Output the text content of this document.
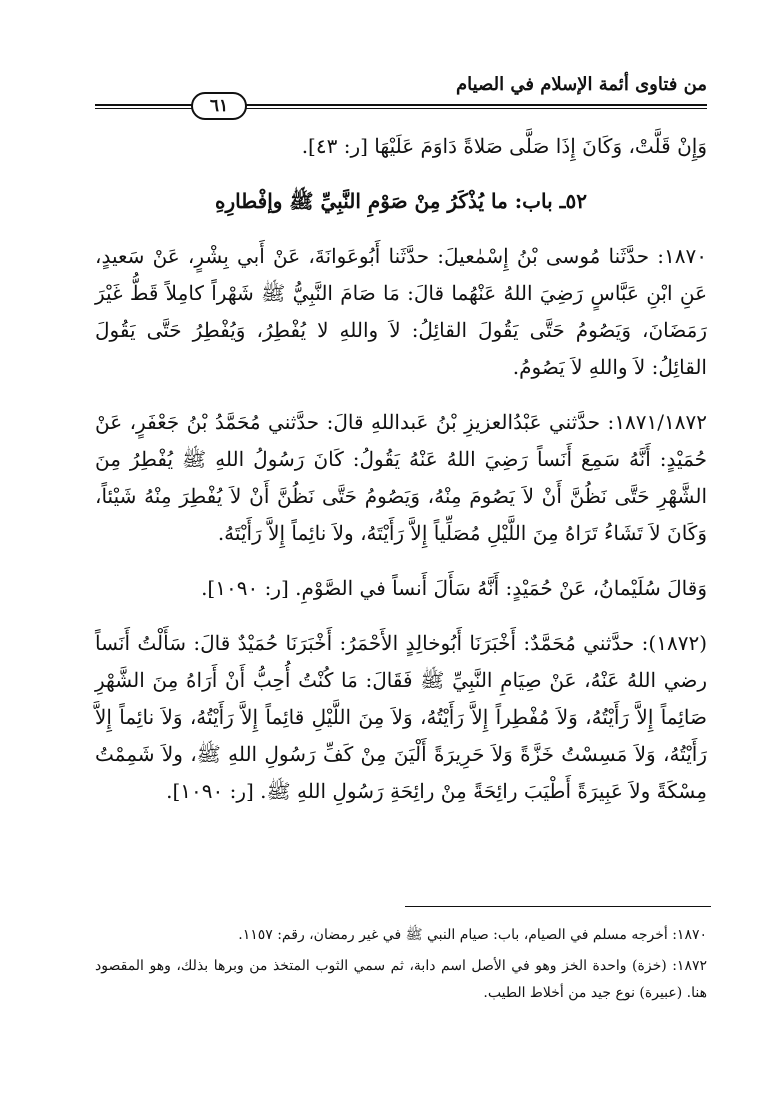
من فتاوى أئمة الإسلام في الصيام
٦١

وَإِنْ قَلَّتْ، وَكَانَ إِذَا صَلَّى صَلاةً دَاوَمَ عَلَيْهَا [ر: ٤٣].

٥٢ـ باب: ما يُذْكَرُ مِنْ صَوْمِ النَّبِيِّ ﷺ وإفْطارِهِ

١٨٧٠: حدَّثَنا مُوسى بْنُ إِسْمٰعيلَ: حدَّثَنا أَبُوعَوانَةَ، عَنْ أَبي بِشْرٍ، عَنْ سَعيدٍ، عَنِ ابْنِ عَبَّاسٍ رَضِيَ اللهُ عَنْهُما قالَ: مَا صَامَ النَّبِيُّ ﷺ شَهْراً كامِلاً قَطُّ غَيْرَ رَمَضَانَ، وَيَصُومُ حَتَّى يَقُولَ القائِلُ: لاَ واللهِ لا يُفْطِرُ، وَيُفْطِرُ حَتَّى يَقُولَ القائِلُ: لاَ واللهِ لاَ يَصُومُ.

١٨٧١/١٨٧٢: حدَّثني عَبْدُالعزيزِ بْنُ عَبداللهِ قالَ: حدَّثني مُحَمَّدُ بْنُ جَعْفَرٍ، عَنْ حُمَيْدٍ: أَنَّهُ سَمِعَ أَنَساً رَضِيَ اللهُ عَنْهُ يَقُولُ: كَانَ رَسُولُ اللهِ ﷺ يُفْطِرُ مِنَ الشَّهْرِ حَتَّى نَظُنَّ أَنْ لاَ يَصُومَ مِنْهُ، وَيَصُومُ حَتَّى نَظُنَّ أَنْ لاَ يُفْطِرَ مِنْهُ شَيْئاً، وَكَانَ لاَ تَشَاءُ تَرَاهُ مِنَ اللَّيْلِ مُصَلِّياً إِلاَّ رَأَيْتَهُ، ولاَ نائِماً إِلاَّ رَأَيْتَهُ.

وَقالَ سُلَيْمانُ، عَنْ حُمَيْدٍ: أَنَّهُ سَأَلَ أَنساً في الصَّوْمِ. [ر: ١٠٩٠].

(١٨٧٢): حدَّثني مُحَمَّدٌ: أَخْبَرَنَا أَبُوخالِدٍ الأَحْمَرُ: أَخْبَرَنَا حُمَيْدٌ قالَ: سَأَلْتُ أَنَساً رضي اللهُ عَنْهُ، عَنْ صِيَامِ النَّبِيِّ ﷺ فَقَالَ: مَا كُنْتُ أُحِبُّ أَنْ أَرَاهُ مِنَ الشَّهْرِ صَائِماً إِلاَّ رَأَيْتُهُ، وَلاَ مُفْطِراً إِلاَّ رَأَيْتُهُ، وَلاَ مِنَ اللَّيْلِ قائِماً إِلاَّ رَأَيْتُهُ، وَلاَ نائِماً إِلاَّ رَأَيْتُهُ، وَلاَ مَسِسْتُ خَزَّةً وَلاَ حَرِيرَةً أَلْيَنَ مِنْ كَفِّ رَسُولِ اللهِ ﷺ، ولاَ شَمِمْتُ مِسْكَةً ولاَ عَبِيرَةً أَطْيَبَ رائِحَةً مِنْ رائِحَةِ رَسُولِ اللهِ ﷺ. [ر: ١٠٩٠].

١٨٧٠: أخرجه مسلم في الصيام، باب: صيام النبي ﷺ في غير رمضان، رقم: ١١٥٧.

١٨٧٢: (خزة) واحدة الخز وهو في الأصل اسم دابة، ثم سمي الثوب المتخذ من وبرها بذلك، وهو المقصود هنا. (عبيرة) نوع جيد من أخلاط الطيب.
